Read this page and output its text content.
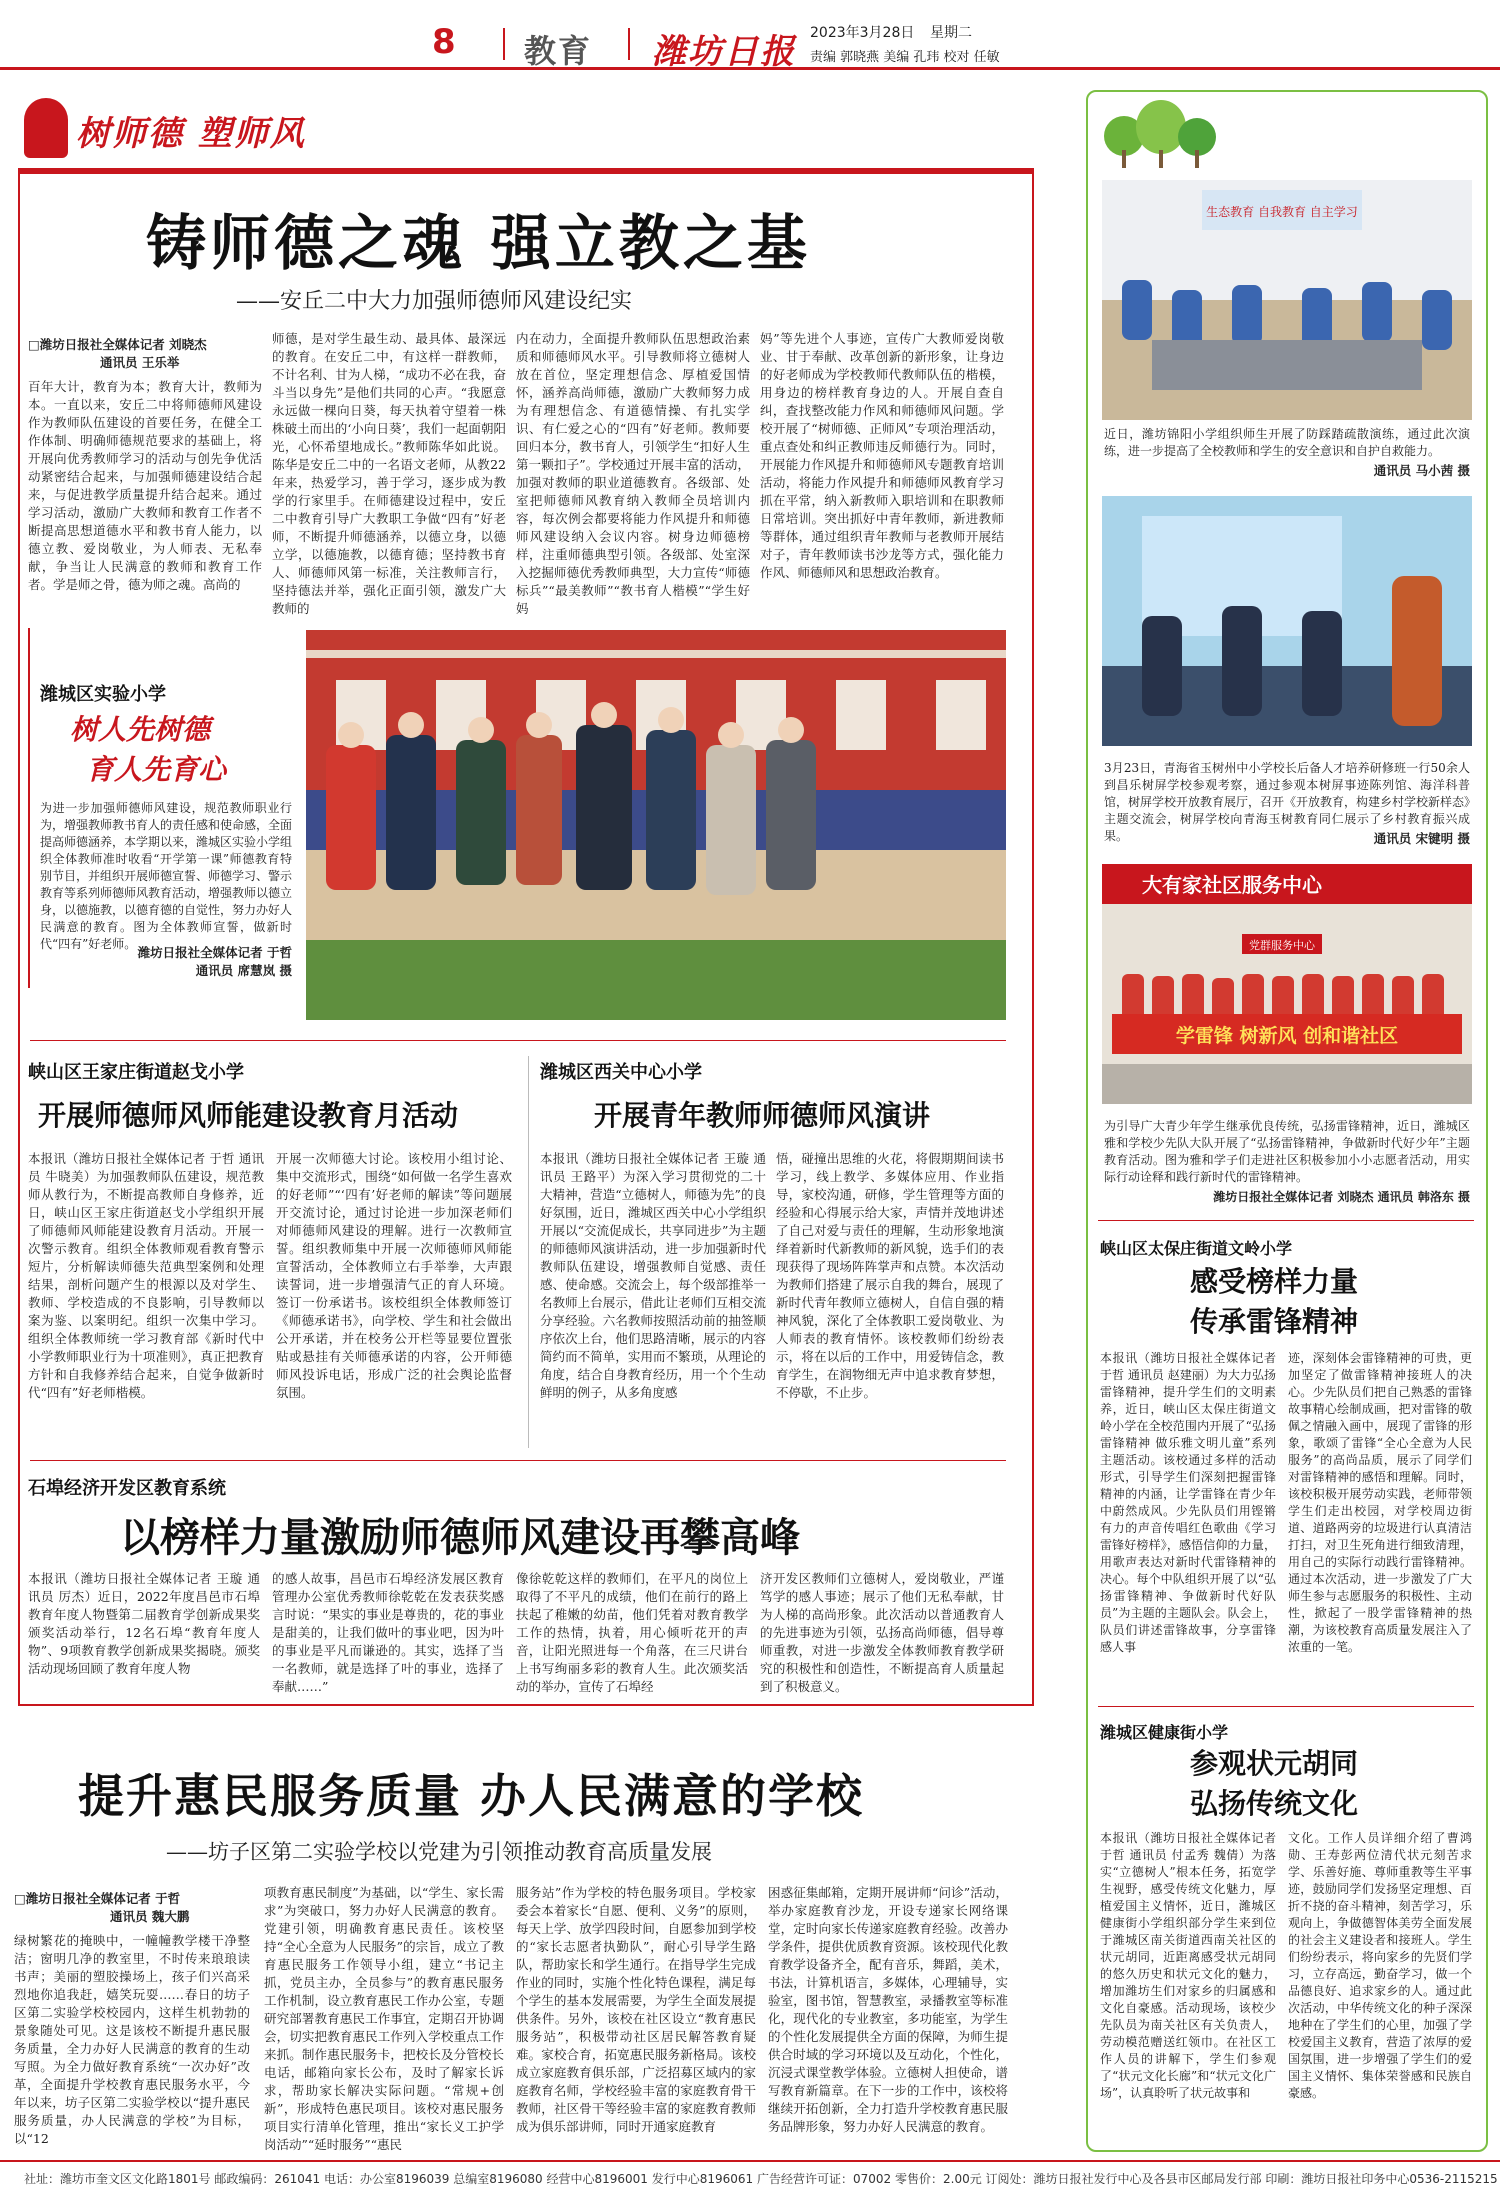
8 教育 潍坊日报 2023年3月28日 星期二
责编 郭晓燕 美编 孔玮 校对 任敏
树师德 塑师风
铸师德之魂 强立教之基
——安丘二中大力加强师德师风建设纪实
□潍坊日报社全媒体记者 刘晓杰
通讯员 王乐举
百年大计，教育为本；教育大计，教师为本。一直以来，安丘二中将师德师风建设作为教师队伍建设的首要任务，在健全工作体制、明确师德规范要求的基础上，将开展向优秀教师学习的活动与创先争优活动紧密结合起来，与加强师德建设结合起来，与促进教学质量提升结合起来。通过学习活动，激励广大教师和教育工作者不断提高思想道德水平和教书育人能力，以德立教、爱岗敬业，为人师表、无私奉献，争当让人民满意的教师和教育工作者。学是师之骨，德为师之魂。高尚的
师德，是对学生最生动、最具体、最深远的教育。在安丘二中，有这样一群教师，不计名利、甘为人梯，“成功不必在我，奋斗当以身先”是他们共同的心声。“我愿意永远做一棵向日葵，每天执着守望着一株株破土而出的‘小向日葵’，我们一起面朝阳光，心怀希望地成长。”教师陈华如此说。陈华是安丘二中的一名语文老师，从教22年来，热爱学习，善于学习，逐步成为教学的行家里手。在师德建设过程中，安丘二中教育引导广大教职工争做“四有”好老师，不断提升师德涵养，以德立身，以德立学，以德施教，以德育德；坚持教书育人、师德师风第一标准，关注教师言行，坚持德法并举，强化正面引领，激发广大教师的
内在动力，全面提升教师队伍思想政治素质和师德师风水平。引导教师将立德树人放在首位，坚定理想信念、厚植爱国情怀，涵养高尚师德，激励广大教师努力成为有理想信念、有道德情操、有扎实学识、有仁爱之心的“四有”好老师。教师要回归本分，教书育人，引领学生“扣好人生第一颗扣子”。学校通过开展丰富的活动，加强对教师的职业道德教育。各级部、处室把师德师风教育纳入教师全员培训内容，每次例会都要将能力作风提升和师德师风建设纳入会议内容。树身边师德榜样，注重师德典型引领。各级部、处室深入挖掘师德优秀教师典型，大力宣传“师德标兵”“最美教师”“教书育人楷模”“学生好妈
妈”等先进个人事迹，宣传广大教师爱岗敬业、甘于奉献、改革创新的新形象，让身边的好老师成为学校教师代教师队伍的楷模，用身边的榜样教育身边的人。开展自查自纠，查找整改能力作风和师德师风问题。学校开展了“树师德、正师风”专项治理活动，重点查处和纠正教师违反师德行为。同时，开展能力作风提升和师德师风专题教育培训活动，将能力作风提升和师德师风教育学习抓在平常，纳入新教师入职培训和在职教师日常培训。突出抓好中青年教师，新进教师等群体，通过组织青年教师与老教师开展结对子，青年教师读书沙龙等方式，强化能力作风、师德师风和思想政治教育。
潍城区实验小学
树人先树德
育人先育心
为进一步加强师德师风建设，规范教师职业行为，增强教师教书育人的责任感和使命感，全面提高师德涵养，本学期以来，潍城区实验小学组织全体教师准时收看“开学第一课”师德教育特别节目，并组织开展师德宣誓、师德学习、警示教育等系列师德师风教育活动，增强教师以德立身，以德施教，以德育德的自觉性，努力办好人民满意的教育。图为全体教师宣誓，做新时代“四有”好老师。
潍坊日报社全媒体记者 于哲
通讯员 席慧岚 摄
峡山区王家庄街道赵戈小学
开展师德师风师能建设教育月活动
本报讯（潍坊日报社全媒体记者 于哲 通讯员 牛晓美）为加强教师队伍建设，规范教师从教行为，不断提高教师自身修养，近日，峡山区王家庄街道赵戈小学组织开展了师德师风师能建设教育月活动。开展一次警示教育。组织全体教师观看教育警示短片，分析解读师德失范典型案例和处理结果，剖析问题产生的根源以及对学生、教师、学校造成的不良影响，引导教师以案为鉴、以案明纪。组织一次集中学习。组织全体教师统一学习教育部《新时代中小学教师职业行为十项准则》，真正把教育方针和自我修养结合起来，自觉争做新时代“四有”好老师楷模。
开展一次师德大讨论。该校用小组讨论、集中交流形式，围绕“如何做一名学生喜欢的好老师”“‘四有’好老师的解读”等问题展开交流讨论，通过讨论进一步加深老师们对师德师风建设的理解。进行一次教师宣誓。组织教师集中开展一次师德师风师能宣誓活动，全体教师立右手举拳，大声跟读誓词，进一步增强清气正的育人环境。签订一份承诺书。该校组织全体教师签订《师德承诺书》，向学校、学生和社会做出公开承诺，并在校务公开栏等显要位置张贴或悬挂有关师德承诺的内容，公开师德师风投诉电话，形成广泛的社会舆论监督氛围。
潍城区西关中心小学
开展青年教师师德师风演讲
本报讯（潍坊日报社全媒体记者 王璇 通讯员 王路平）为深入学习贯彻党的二十大精神，营造“立德树人，师德为先”的良好氛围，近日，潍城区西关中心小学组织开展以“交流促成长，共享同进步”为主题的师德师风演讲活动，进一步加强新时代教师队伍建设，增强教师自觉感、责任感、使命感。交流会上，每个级部推举一名教师上台展示，借此让老师们互相交流分享经验。六名教师按照活动前的抽签顺序依次上台，他们思路清晰，展示的内容简约而不简单，实用而不繁琐，从理论的角度，结合自身教育经历，用一个个生动鲜明的例子，从多角度感
悟，碰撞出思维的火花，将假期期间读书学习，线上教学、多媒体应用、作业指导，家校沟通，研修，学生管理等方面的经验和心得展示给大家，声情并茂地讲述了自己对爱与责任的理解，生动形象地演绎着新时代新教师的新风貌，选手们的表现获得了现场阵阵掌声和点赞。本次活动为教师们搭建了展示自我的舞台，展现了新时代青年教师立德树人，自信自强的精神风貌，深化了全体教职工爱岗敬业、为人师表的教育情怀。该校教师们纷纷表示，将在以后的工作中，用爱铸信念，教育学生，在润物细无声中追求教育梦想，不停歇，不止步。
石埠经济开发区教育系统
以榜样力量激励师德师风建设再攀高峰
本报讯（潍坊日报社全媒体记者 王璇 通讯员 厉杰）近日，2022年度昌邑市石埠教育年度人物暨第二届教育学创新成果奖颁奖活动举行，12名石埠“教育年度人物”、9项教育教学创新成果奖揭晓。颁奖活动现场回顾了教育年度人物
的感人故事，昌邑市石埠经济发展区教育管理办公室优秀教师徐乾乾在发表获奖感言时说：“果实的事业是尊贵的，花的事业是甜美的，让我们做叶的事业吧，因为叶的事业是平凡而谦逊的。其实，选择了当一名教师，就是选择了叶的事业，选择了奉献……”
像徐乾乾这样的教师们，在平凡的岗位上取得了不平凡的成绩，他们在前行的路上扶起了稚嫩的幼苗，他们凭着对教育教学工作的热情，执着，用心倾听花开的声音，让阳光照进每一个角落，在三尺讲台上书写绚丽多彩的教育人生。此次颁奖活动的举办，宣传了石埠经
济开发区教师们立德树人，爱岗敬业，严谨笃学的感人事迹；展示了他们无私奉献，甘为人梯的高尚形象。此次活动以普通教育人的先进事迹为引领，弘扬高尚师德，倡导尊师重教，对进一步激发全体教师教育教学研究的积极性和创造性，不断提高育人质量起到了积极意义。
提升惠民服务质量 办人民满意的学校
——坊子区第二实验学校以党建为引领推动教育高质量发展
□潍坊日报社全媒体记者 于哲
通讯员 魏大鹏
绿树繁花的掩映中，一幢幢教学楼干净整洁；窗明几净的教室里，不时传来琅琅读书声；美丽的塑胶操场上，孩子们兴高采烈地你追我赶，嬉笑玩耍……春日的坊子区第二实验学校校园内，这样生机勃勃的景象随处可见。这是该校不断提升惠民服务质量，全力办好人民满意的教育的生动写照。为全力做好教育系统“一次办好”改革，全面提升学校教育惠民服务水平，今年以来，坊子区第二实验学校以“提升惠民服务质量，办人民满意的学校”为目标，以“12
项教育惠民制度”为基础，以“学生、家长需求”为突破口，努力办好人民满意的教育。党建引领，明确教育惠民责任。该校坚持“全心全意为人民服务”的宗旨，成立了教育惠民服务工作领导小组，建立“书记主抓，党员主办，全员参与”的教育惠民服务工作机制，设立教育惠民工作办公室，专题研究部署教育惠民工作事宜，定期召开协调会，切实把教育惠民工作列入学校重点工作来抓。制作惠民服务卡，把校长及分管校长电话，邮箱向家长公布，及时了解家长诉求，帮助家长解决实际问题。“常规+创新”，形成特色惠民项目。该校对惠民服务项目实行清单化管理，推出“家长义工护学岗活动”“延时服务”“惠民
服务站”作为学校的特色服务项目。学校家委会本着家长“自愿、便利、义务”的原则，每天上学、放学四段时间，自愿参加到学校的“家长志愿者执勤队”，耐心引导学生路队，帮助家长和学生通行。在指导学生完成作业的同时，实施个性化特色课程，满足每个学生的基本发展需要，为学生全面发展提供条件。另外，该校在社区设立“教育惠民服务站”，积极带动社区居民解答教育疑难。家校合育，拓宽惠民服务新格局。该校成立家庭教育俱乐部，广泛招募区域内的家庭教育名师，学校经验丰富的家庭教育骨干教师，社区骨干等经验丰富的家庭教育教师成为俱乐部讲师，同时开通家庭教育
困惑征集邮箱，定期开展讲师“问诊”活动，举办家庭教育沙龙，开设专递家长网络课堂，定时向家长传递家庭教育经验。改善办学条件，提供优质教育资源。该校现代化教育教学设备齐全，配有音乐，舞蹈，美术，书法，计算机语言，多媒体，心理辅导，实验室，图书馆，智慧教室，录播教室等标准化，现代化的专业教室，多功能室，为学生的个性化发展提供全方面的保障，为师生提供合时域的学习环境以及互动化，个性化，沉浸式课堂教学体验。立德树人担使命，谱写教育新篇章。在下一步的工作中，该校将继续开拓创新，全力打造升学校教育惠民服务品牌形象，努力办好人民满意的教育。
生态教育 自我教育 自主学习
近日，潍坊锦阳小学组织师生开展了防踩踏疏散演练，通过此次演练，进一步提高了全校教师和学生的安全意识和自护自救能力。
通讯员 马小茜 摄
3月23日，青海省玉树州中小学校长后备人才培养研修班一行50余人到昌乐树屏学校参观考察，通过参观本树屏事迹陈列馆、海洋科普馆，树屏学校开放教育展厅，召开《开放教育，构建乡村学校新样态》主题交流会，树屏学校向青海玉树教育同仁展示了乡村教育振兴成果。	通讯员 宋键明 摄
大有家社区服务中心
党群服务中心
学雷锋 树新风 创和谐社区
为引导广大青少年学生继承优良传统，弘扬雷锋精神，近日，潍城区雅和学校少先队大队开展了“弘扬雷锋精神，争做新时代好少年”主题教育活动。图为雅和学子们走进社区积极参加小小志愿者活动，用实际行动诠释和践行新时代的雷锋精神。
潍坊日报社全媒体记者 刘晓杰 通讯员 韩洛东 摄
峡山区太保庄街道文岭小学
感受榜样力量
传承雷锋精神
本报讯（潍坊日报社全媒体记者 于哲 通讯员 赵建丽）为大力弘扬雷锋精神，提升学生们的文明素养，近日，峡山区太保庄街道文岭小学在全校范围内开展了“弘扬雷锋精神 做乐雅文明儿童”系列主题活动。该校通过多样的活动形式，引导学生们深刻把握雷锋精神的内涵，让学雷锋在青少年中蔚然成风。少先队员们用铿锵有力的声音传唱红色歌曲《学习雷锋好榜样》，感悟信仰的力量，用歌声表达对新时代雷锋精神的决心。每个中队组织开展了以“弘扬雷锋精神、争做新时代好队员”为主题的主题队会。队会上，队员们讲述雷锋故事，分享雷锋感人事
迹，深刻体会雷锋精神的可贵，更加坚定了做雷锋精神接班人的决心。少先队员们把自己熟悉的雷锋故事精心绘制成画，把对雷锋的敬佩之情融入画中，展现了雷锋的形象，歌颂了雷锋“全心全意为人民服务”的高尚品质，展示了同学们对雷锋精神的感悟和理解。同时，该校积极开展劳动实践，老师带领学生们走出校园，对学校周边街道、道路两旁的垃圾进行认真清洁打扫，对卫生死角进行细致清理，用自己的实际行动践行雷锋精神。通过本次活动，进一步激发了广大师生参与志愿服务的积极性、主动性，掀起了一股学雷锋精神的热潮，为该校教育高质量发展注入了浓重的一笔。
潍城区健康街小学
参观状元胡同
弘扬传统文化
本报讯（潍坊日报社全媒体记者 于哲 通讯员 付孟秀 魏倩）为落实“立德树人”根本任务，拓宽学生视野，感受传统文化魅力，厚植爱国主义情怀，近日，潍城区健康街小学组织部分学生来到位于潍城区南关街道西南关社区的状元胡同，近距离感受状元胡同的悠久历史和状元文化的魅力，增加潍坊生们对家乡的归属感和文化自豪感。活动现场，该校少先队员为南关社区有关负责人，劳动模范赠送红领巾。在社区工作人员的讲解下，学生们参观了“状元文化长廊”和“状元文化广场”，认真聆听了状元故事和
文化。工作人员详细介绍了曹鸿勋、王寿彭两位清代状元刻苦求学、乐善好施、尊师重教等生平事迹，鼓励同学们发扬坚定理想、百折不挠的奋斗精神，刻苦学习，乐观向上，争做德智体美劳全面发展的社会主义建设者和接班人。学生们纷纷表示，将向家乡的先贤们学习，立存高远，勤奋学习，做一个品德良好、追求家乡的人。通过此次活动，中华传统文化的种子深深地种在了学生们的心里，加强了学校爱国主义教育，营造了浓厚的爱国氛围，进一步增强了学生们的爱国主义情怀、集体荣誉感和民族自豪感。
社址：潍坊市奎文区文化路1801号 邮政编码：261041 电话：办公室8196039 总编室8196080 经营中心8196001 发行中心8196061 广告经营许可证：07002 零售价：2.00元 订阅处：潍坊日报社发行中心及各县市区邮局发行部 印刷：潍坊日报社印务中心0536-2115215
